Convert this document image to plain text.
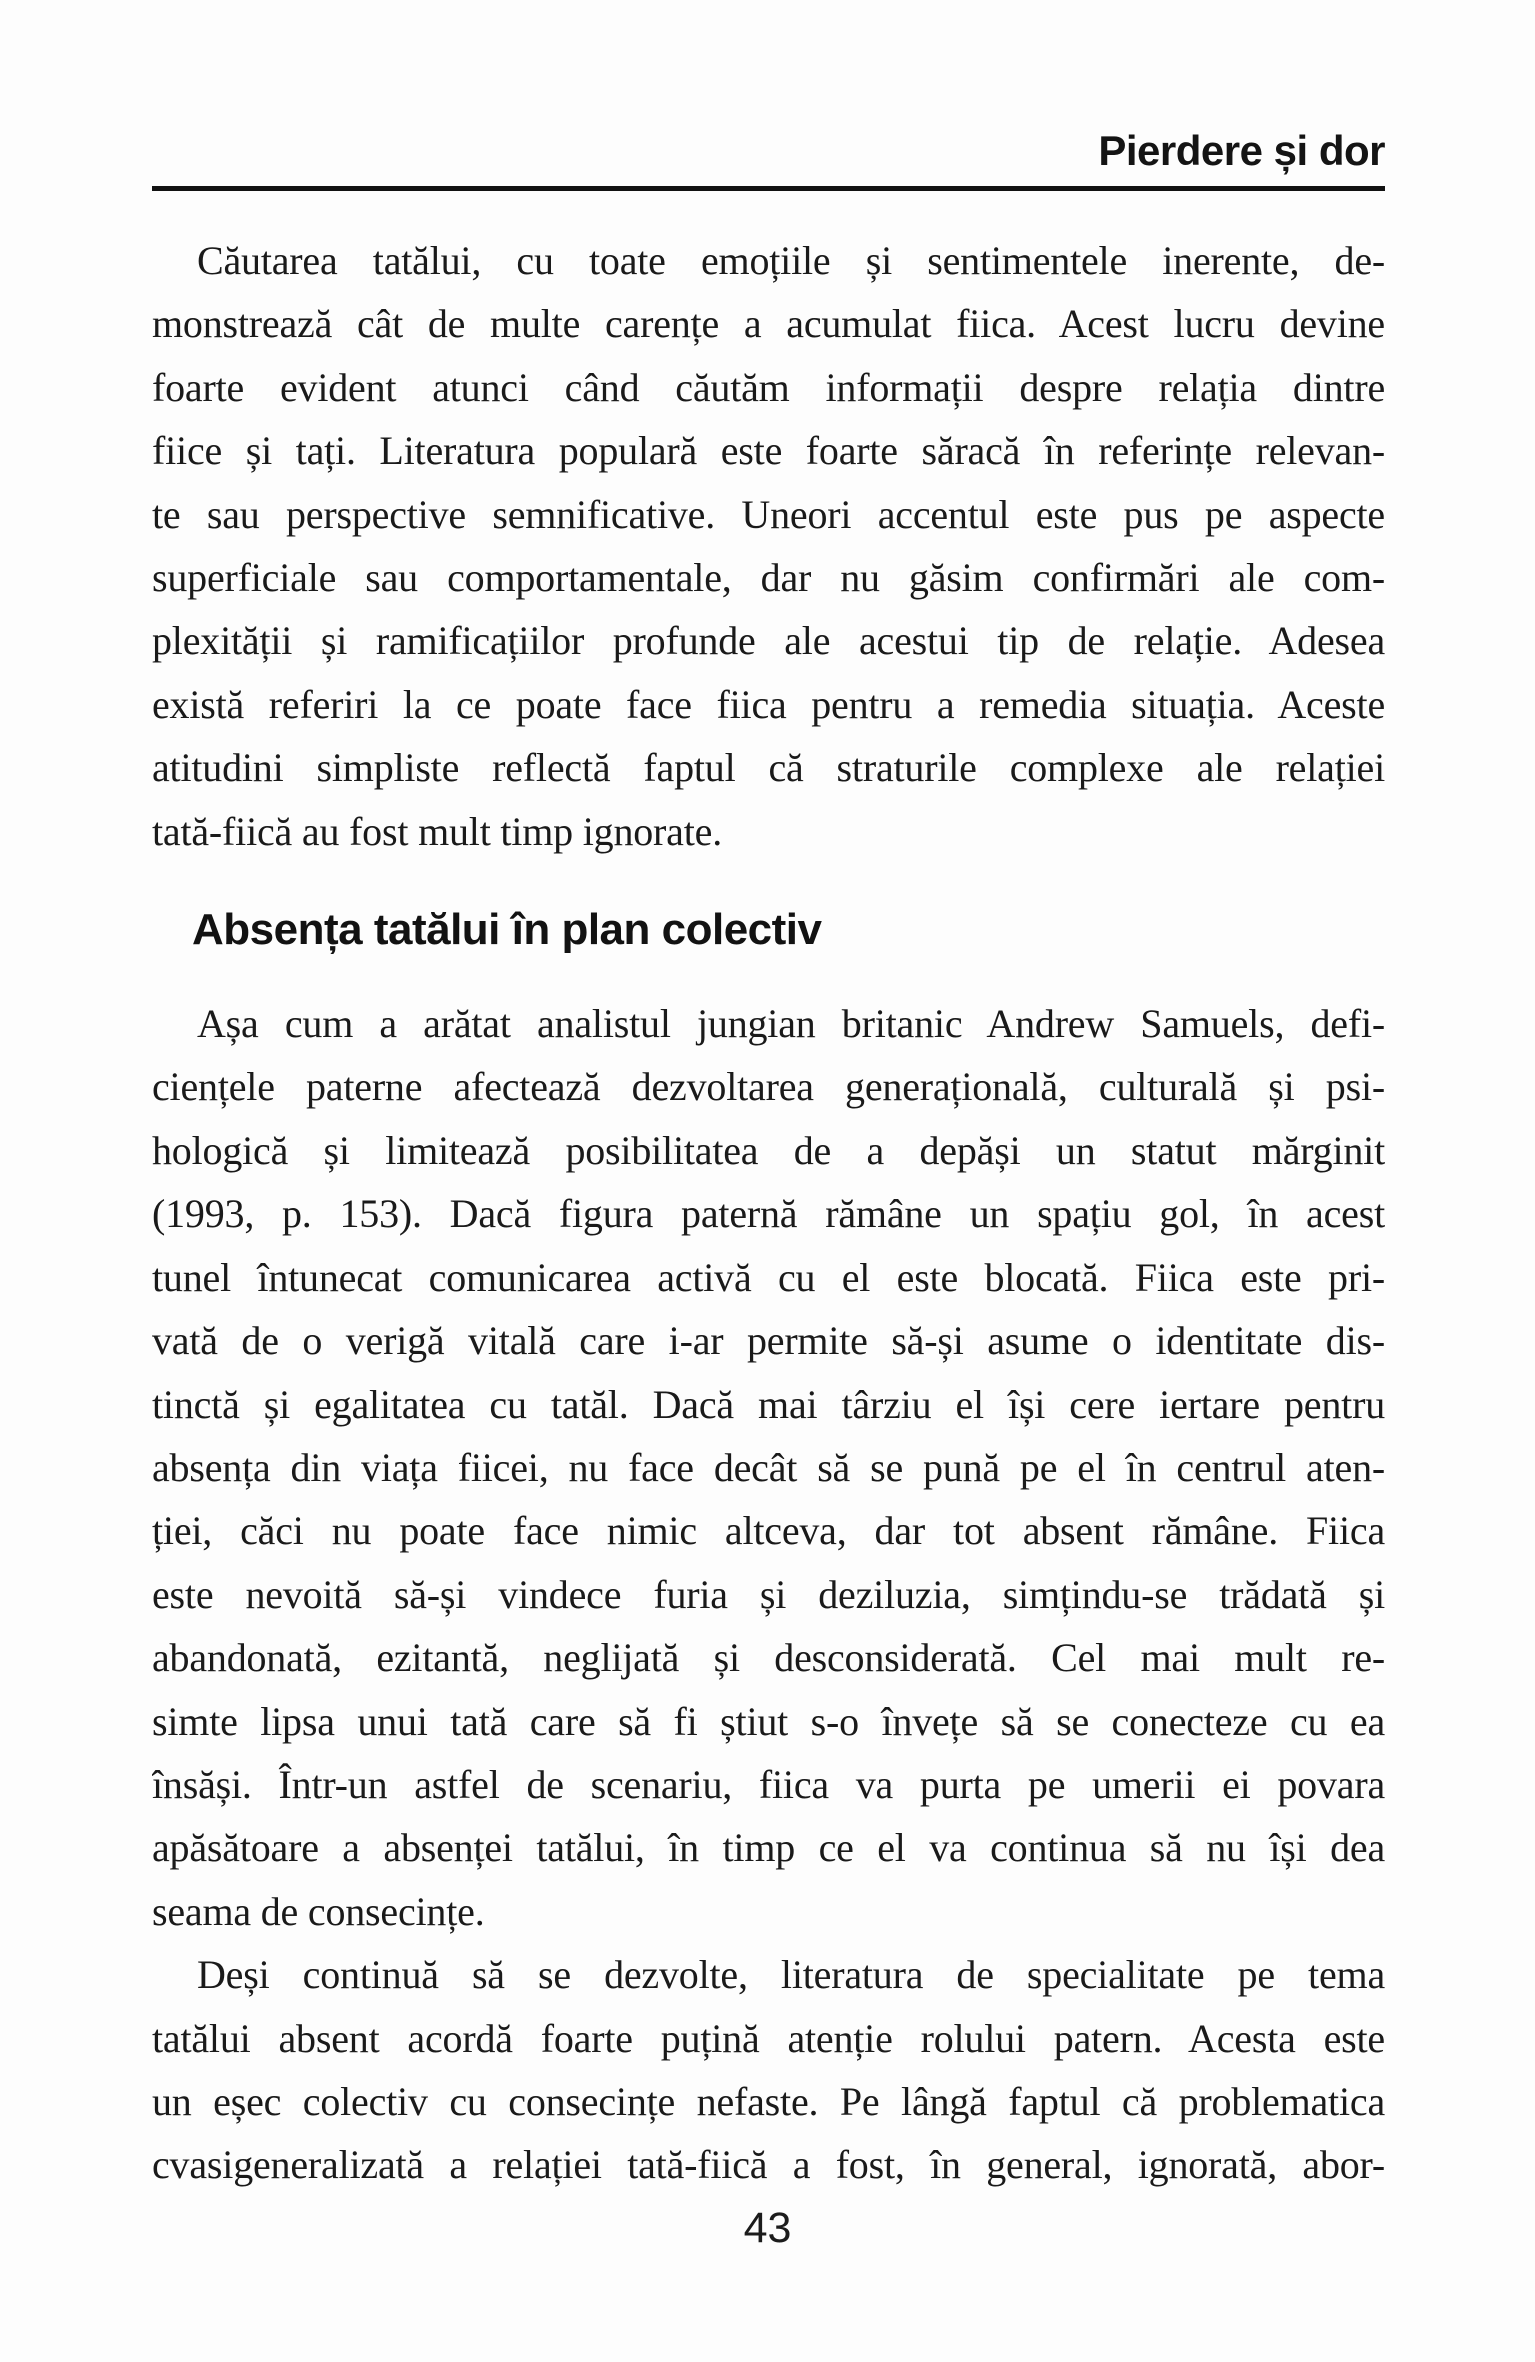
Pierdere și dor
Căutarea tatălui, cu toate emoțiile și sentimentele inerente, de-
monstrează cât de multe carențe a acumulat fiica. Acest lucru devine
foarte evident atunci când căutăm informații despre relația dintre
fiice și tați. Literatura populară este foarte săracă în referințe relevan-
te sau perspective semnificative. Uneori accentul este pus pe aspecte
superficiale sau comportamentale, dar nu găsim confirmări ale com-
plexității și ramificațiilor profunde ale acestui tip de relație. Adesea
există referiri la ce poate face fiica pentru a remedia situația. Aceste
atitudini simpliste reflectă faptul că straturile complexe ale relației
tată-fiică au fost mult timp ignorate.
Absența tatălui în plan colectiv
Așa cum a arătat analistul jungian britanic Andrew Samuels, defi-
ciențele paterne afectează dezvoltarea generațională, culturală și psi-
hologică și limitează posibilitatea de a depăși un statut mărginit
(1993, p. 153). Dacă figura paternă rămâne un spațiu gol, în acest
tunel întunecat comunicarea activă cu el este blocată. Fiica este pri-
vată de o verigă vitală care i-ar permite să-și asume o identitate dis-
tinctă și egalitatea cu tatăl. Dacă mai târziu el își cere iertare pentru
absența din viața fiicei, nu face decât să se pună pe el în centrul aten-
ției, căci nu poate face nimic altceva, dar tot absent rămâne. Fiica
este nevoită să-și vindece furia și deziluzia, simțindu-se trădată și
abandonată, ezitantă, neglijată și desconsiderată. Cel mai mult re-
simte lipsa unui tată care să fi știut s-o învețe să se conecteze cu ea
însăși. Într-un astfel de scenariu, fiica va purta pe umerii ei povara
apăsătoare a absenței tatălui, în timp ce el va continua să nu își dea
seama de consecințe.
Deși continuă să se dezvolte, literatura de specialitate pe tema
tatălui absent acordă foarte puțină atenție rolului patern. Acesta este
un eșec colectiv cu consecințe nefaste. Pe lângă faptul că problematica
cvasigeneralizată a relației tată-fiică a fost, în general, ignorată, abor-
43
